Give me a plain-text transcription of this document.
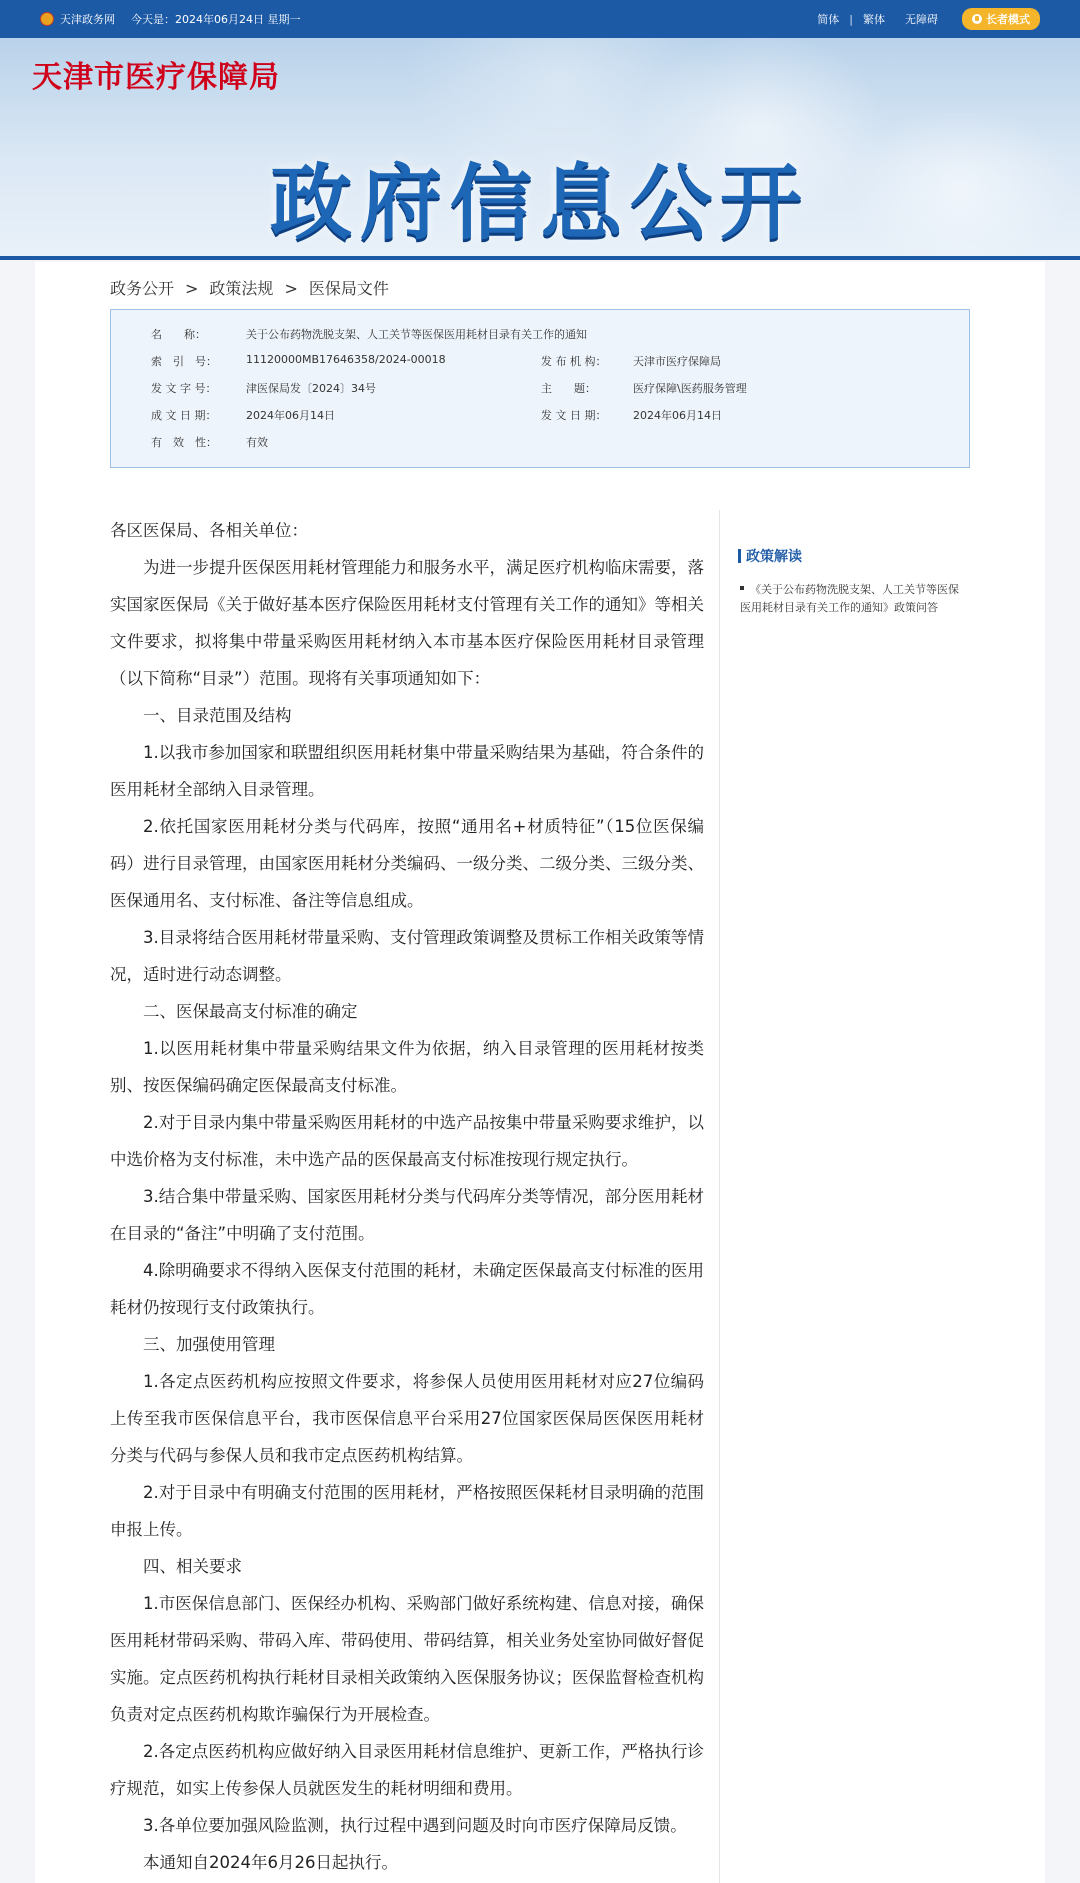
天津政务网 今天是：2024年06月24日 星期一	简体 | 繁体 无障碍	长者模式
天津市医疗保障局
政府信息公开
政务公开 > 政策法规 > 医保局文件
名　　称：	关于公布药物洗脱支架、人工关节等医保医用耗材目录有关工作的通知
索　引　号：	11120000MB17646358/2024-00018	发 布 机 构： 天津市医疗保障局
发 文 字 号：	津医保局发〔2024〕34号	主　　题：	医疗保障\医药服务管理
成 文 日 期：	2024年06月14日	发 文 日 期： 2024年06月14日
有　效　性：	有效

各区医保局、各相关单位：

为进一步提升医保医用耗材管理能力和服务水平，满足医疗机构临床需要，落实国家医保局《关于做好基本医疗保险医用耗材支付管理有关工作的通知》等相关文件要求，拟将集中带量采购医用耗材纳入本市基本医疗保险医用耗材目录管理（以下简称“目录”）范围。现将有关事项通知如下：

一、目录范围及结构

1.以我市参加国家和联盟组织医用耗材集中带量采购结果为基础，符合条件的医用耗材全部纳入目录管理。

2.依托国家医用耗材分类与代码库，按照“通用名+材质特征”（15位医保编码）进行目录管理，由国家医用耗材分类编码、一级分类、二级分类、三级分类、医保通用名、支付标准、备注等信息组成。

3.目录将结合医用耗材带量采购、支付管理政策调整及贯标工作相关政策等情况，适时进行动态调整。

二、医保最高支付标准的确定

1.以医用耗材集中带量采购结果文件为依据，纳入目录管理的医用耗材按类别、按医保编码确定医保最高支付标准。

2.对于目录内集中带量采购医用耗材的中选产品按集中带量采购要求维护，以中选价格为支付标准，未中选产品的医保最高支付标准按现行规定执行。

3.结合集中带量采购、国家医用耗材分类与代码库分类等情况，部分医用耗材在目录的“备注”中明确了支付范围。

4.除明确要求不得纳入医保支付范围的耗材，未确定医保最高支付标准的医用耗材仍按现行支付政策执行。

三、加强使用管理

1.各定点医药机构应按照文件要求，将参保人员使用医用耗材对应27位编码上传至我市医保信息平台，我市医保信息平台采用27位国家医保局医保医用耗材分类与代码与参保人员和我市定点医药机构结算。

2.对于目录中有明确支付范围的医用耗材，严格按照医保耗材目录明确的范围申报上传。

四、相关要求

1.市医保信息部门、医保经办机构、采购部门做好系统构建、信息对接，确保医用耗材带码采购、带码入库、带码使用、带码结算，相关业务处室协同做好督促实施。定点医药机构执行耗材目录相关政策纳入医保服务协议；医保监督检查机构负责对定点医药机构欺诈骗保行为开展检查。

2.各定点医药机构应做好纳入目录医用耗材信息维护、更新工作，严格执行诊疗规范，如实上传参保人员就医发生的耗材明细和费用。

3.各单位要加强风险监测，执行过程中遇到问题及时向市医疗保障局反馈。

本通知自2024年6月26日起执行。

政策解读
《关于公布药物洗脱支架、人工关节等医保医用耗材目录有关工作的通知》政策问答
